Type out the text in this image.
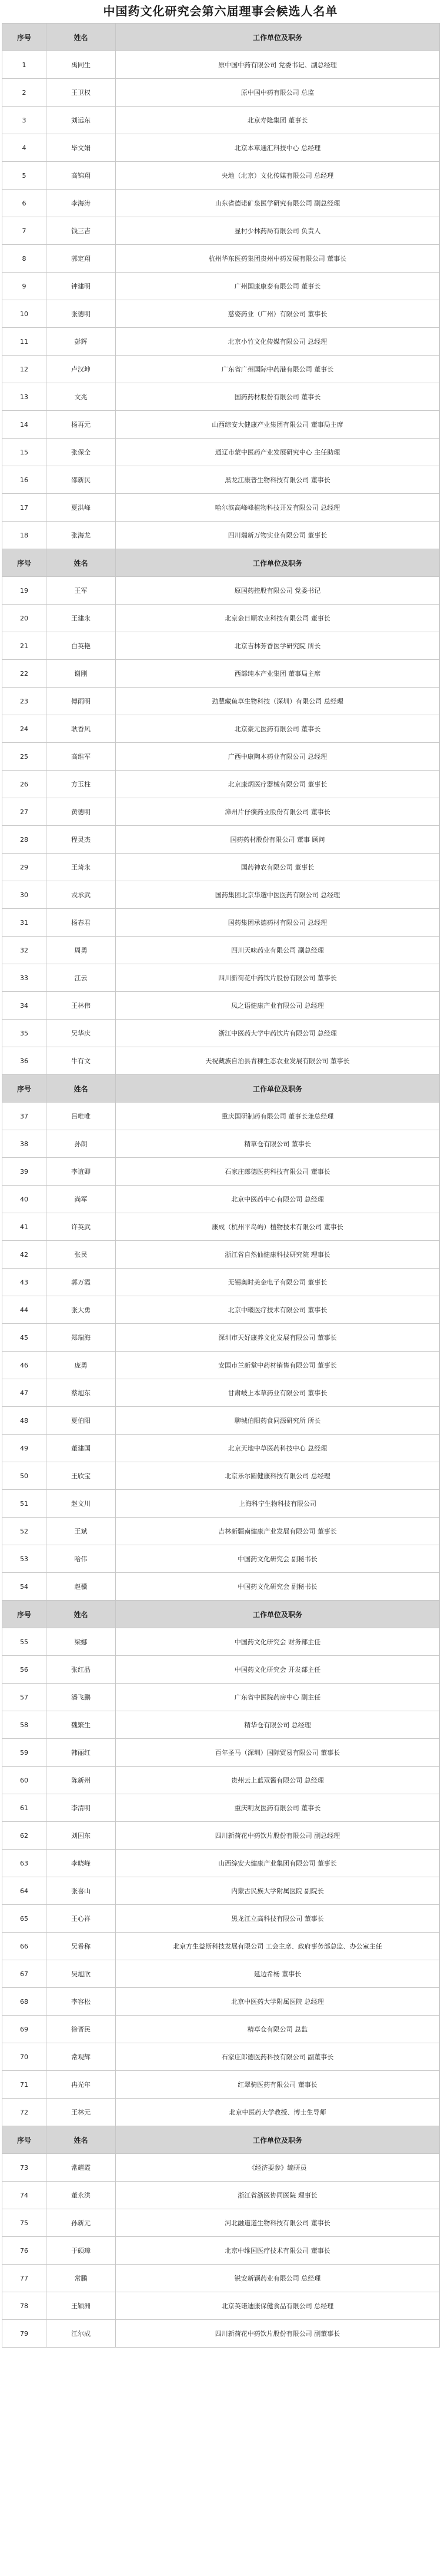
中国药文化研究会第六届理事会候选人名单
序号	姓名	工作单位及职务
1	禹同生	原中国中药有限公司 党委书记、副总经理
2	王卫权	原中国中药有限公司 总监
3	刘远东	北京寿隆集团 董事长
4	毕文娟	北京本草通汇科技中心 总经理
5	高锦翔	央地（北京）文化传媒有限公司 总经理
6	李海涛	山东省德诺矿泉医学研究有限公司 副总经理
7	钱三吉	显村少林药局有限公司 负责人
8	郭定翔	杭州华东医药集团贵州中药发展有限公司 董事长
9	钟建明	广州国康康泰有限公司 董事长
10	张德明	慈姿药业（广州）有限公司 董事长
11	彭辉	北京小竹文化传媒有限公司 总经理
12	卢汉坤	广东省广州国际中药港有限公司 董事长
13	文兆	国药药材股份有限公司 董事长
14	杨再元	山西综安大健康产业集团有限公司 董事局主席
15	张保全	通辽市蒙中医药产业发展研究中心 主任助理
16	邵新民	黑龙江康普生物科技有限公司 董事长
17	夏洪峰	哈尔滨高峰峰植物科技开发有限公司 总经理
18	张海龙	四川瑞新万物实业有限公司 董事长
序号	姓名	工作单位及职务
19	王军	原国药控股有限公司 党委书记
20	王建永	北京金日顺农业科技有限公司 董事长
21	白英艳	北京吉林芳香医学研究院 所长
22	谢刚	西部纯本产业集团 董事局主席
23	傅雨明	劲慧藏鱼草生物科技（深圳）有限公司 总经理
24	耿香风	北京豪元医药有限公司 董事长
25	高维军	广西中康陶本药业有限公司 总经理
26	方玉柱	北京康炳医疗器械有限公司 董事长
27	黄德明	漳州片仔癀药业股份有限公司 董事长
28	程灵杰	国药药材股份有限公司 董事 顾问
29	王琦永	国药神农有限公司 董事长
30	戎承武	国药集团北京华邈中医医药有限公司 总经理
31	杨春君	国药集团承德药材有限公司 总经理
32	周勇	四川天味药业有限公司 副总经理
33	江云	四川新荷花中药饮片股份有限公司 董事长
34	王林伟	凤之语健康产业有限公司 总经理
35	吴华庆	浙江中医药大学中药饮片有限公司 总经理
36	牛有文	天祝藏族自治县青稞生态农业发展有限公司 董事长
序号	姓名	工作单位及职务
37	吕唯唯	重庆国研制药有限公司 董事长兼总经理
38	孙朗	精草仓有限公司 董事长
39	李谊卿	石家庄郎德医药科技有限公司 董事长
40	尚军	北京中医药中心有限公司 总经理
41	许英武	康成（杭州平岛屿）植物技术有限公司 董事长
42	张民	浙江省自然仙健康科技研究院 理事长
43	郭万霞	无锡奥时美金电子有限公司 董事长
44	张大勇	北京中曦医疗技术有限公司 董事长
45	郑瑞海	深圳市天好康养文化发展有限公司 董事长
46	庞勇	安国市兰新堂中药材销售有限公司 董事长
47	蔡旭东	甘肃岐上本草药业有限公司 董事长
48	夏伯阳	聊城伯阳药食同源研究所 所长
49	董建国	北京天地中草医药科技中心 总经理
50	王欣宝	北京乐尔圆健康科技有限公司 总经理
51	赵文川	上海科宁生物科技有限公司
52	王斌	吉林新疆南健康产业发展有限公司 董事长
53	哈伟	中国药文化研究会 副秘书长
54	赵骥	中国药文化研究会 副秘书长
序号	姓名	工作单位及职务
55	梁娜	中国药文化研究会 财务部主任
56	张红晶	中国药文化研究会 开发部主任
57	潘飞鹏	广东省中医院药房中心 副主任
58	魏繁生	精华仓有限公司 总经理
59	韩丽红	百年圣马（深圳）国际贸易有限公司 董事长
60	陈新州	贵州云上蓝双酱有限公司 总经理
61	李清明	重庆明友医药有限公司 董事长
62	刘国东	四川新荷花中药饮片股份有限公司 副总经理
63	李晓峰	山西综安大健康产业集团有限公司 董事长
64	张喜山	内蒙古民族大学附属医院 副院长
65	王心祥	黑龙江立高科技有限公司 董事长
66	吴希称	北京方生益斯科技发展有限公司 工会主席、政府事务部总监、办公室主任
67	吴旭欣	延边希杨 董事长
68	李容松	北京中医药大学附属医院 总经理
69	徐晋民	精草仓有限公司 总监
70	常观辉	石家庄郎德医药科技有限公司 副董事长
71	冉光年	红翠骑医药有限公司 董事长
72	王林元	北京中医药大学教授、博士生导师
序号	姓名	工作单位及职务
73	常耀霞	《经济要参》编研员
74	董永洪	浙江省浙医协同医院 理事长
75	孙新元	河北融道道生物科技有限公司 董事长
76	于硕璋	北京中维国医疗技术有限公司 董事长
77	常鹏	锐安新颖药业有限公司 总经理
78	王颖洲	北京英诺迪康保健食品有限公司 总经理
79	江尔成	四川新荷花中药饮片股份有限公司 副董事长
